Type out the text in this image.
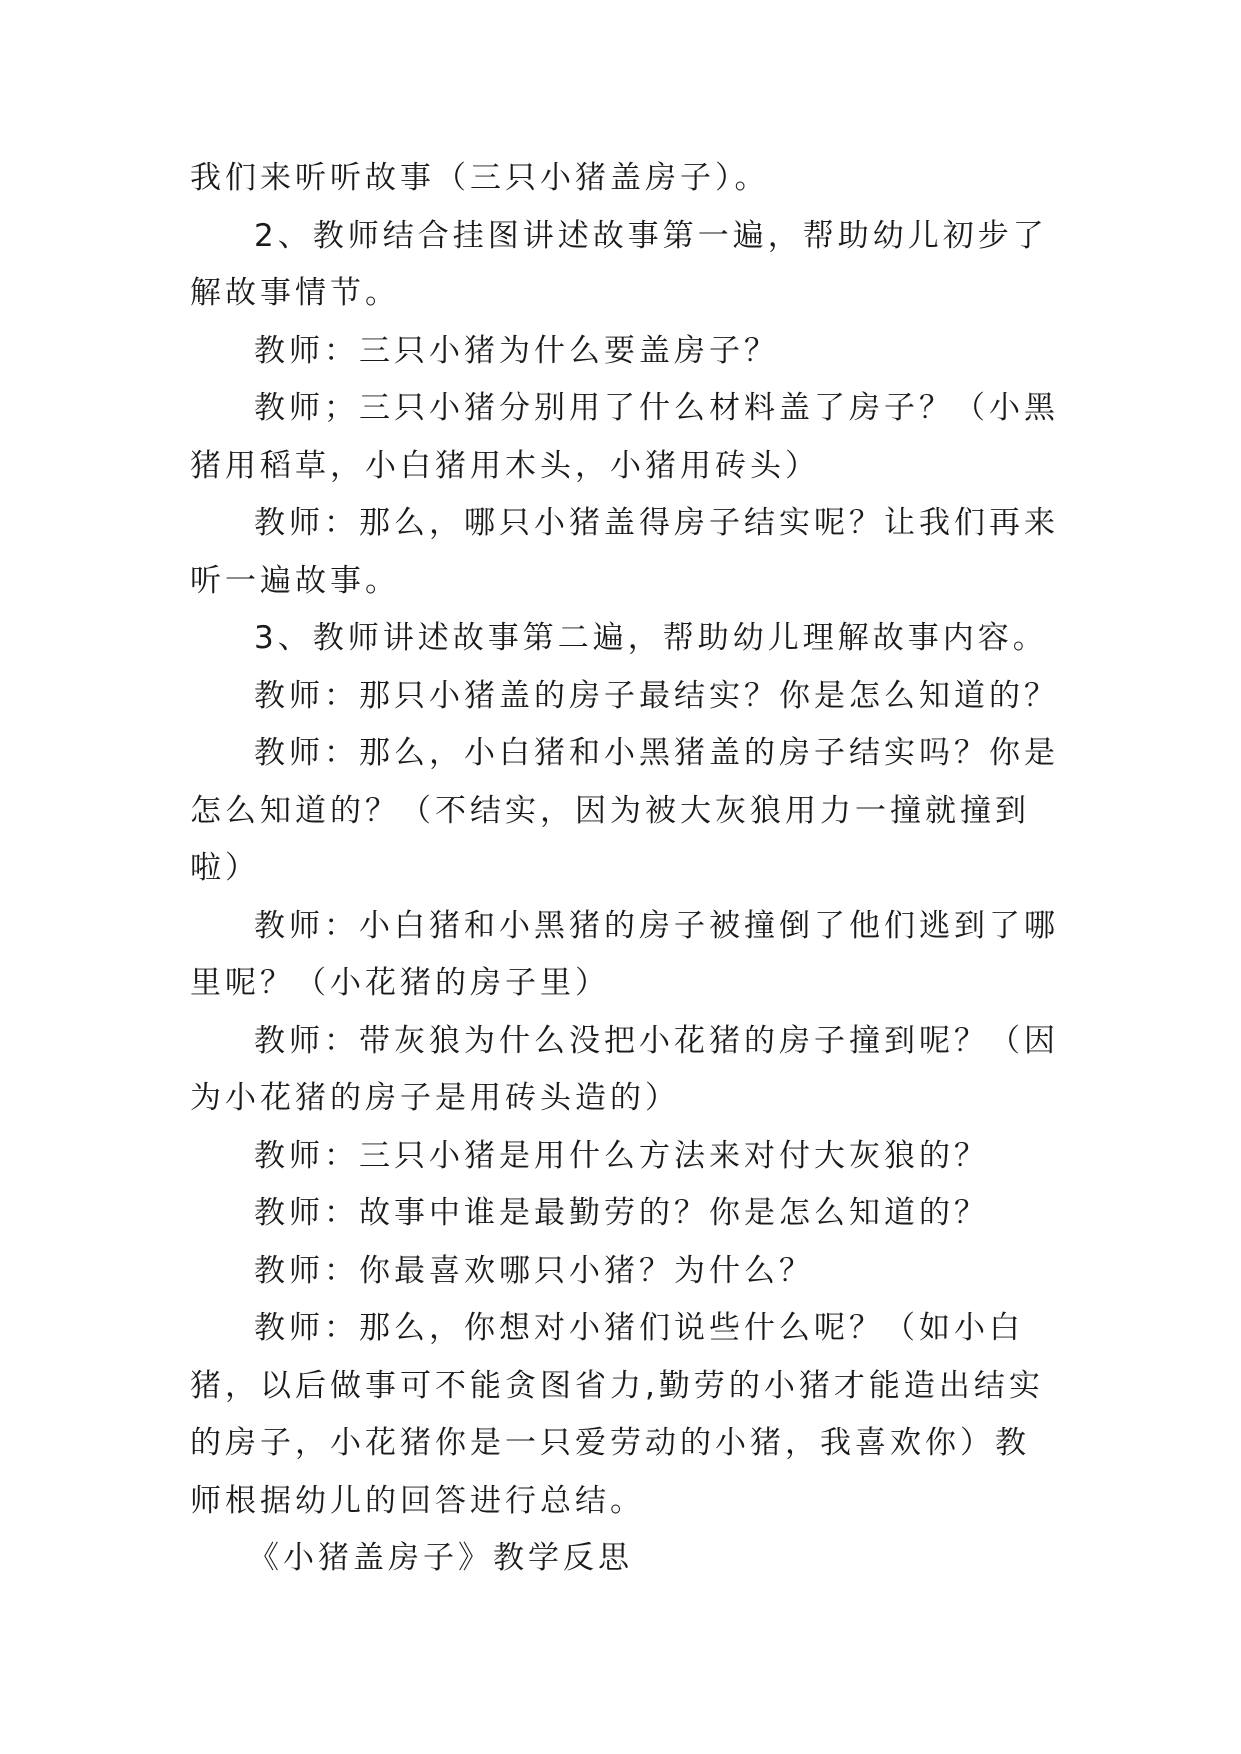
我们来听听故事（三只小猪盖房子）。

2、教师结合挂图讲述故事第一遍，帮助幼儿初步了解故事情节。

教师：三只小猪为什么要盖房子？

教师；三只小猪分别用了什么材料盖了房子？（小黑猪用稻草，小白猪用木头，小猪用砖头）

教师：那么，哪只小猪盖得房子结实呢？让我们再来听一遍故事。

3、教师讲述故事第二遍，帮助幼儿理解故事内容。

教师：那只小猪盖的房子最结实？你是怎么知道的？

教师：那么，小白猪和小黑猪盖的房子结实吗？你是怎么知道的？（不结实，因为被大灰狼用力一撞就撞到啦）

教师：小白猪和小黑猪的房子被撞倒了他们逃到了哪里呢？（小花猪的房子里）

教师：带灰狼为什么没把小花猪的房子撞到呢？（因为小花猪的房子是用砖头造的）

教师：三只小猪是用什么方法来对付大灰狼的？

教师：故事中谁是最勤劳的？你是怎么知道的？

教师：你最喜欢哪只小猪？为什么？

教师：那么，你想对小猪们说些什么呢？（如小白猪，以后做事可不能贪图省力,勤劳的小猪才能造出结实的房子，小花猪你是一只爱劳动的小猪，我喜欢你）教师根据幼儿的回答进行总结。

《小猪盖房子》教学反思
